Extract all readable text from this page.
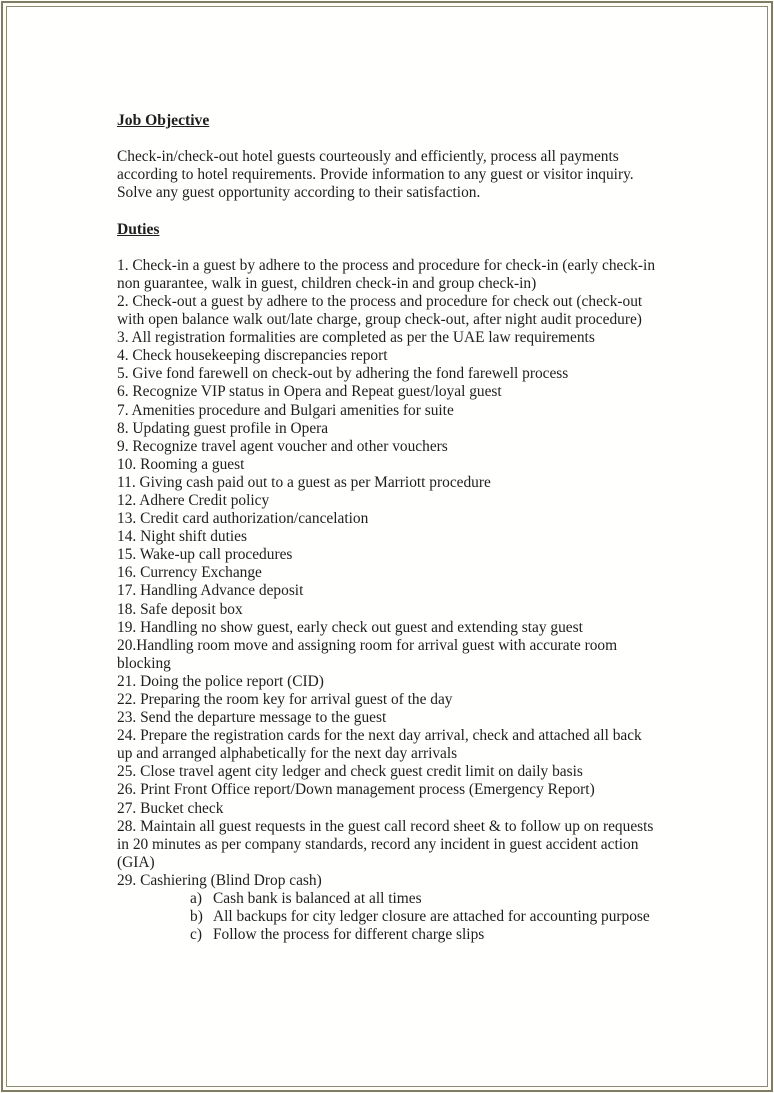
Job Objective
Check-in/check-out hotel guests courteously and efficiently, process all payments according to hotel requirements. Provide information to any guest or visitor inquiry. Solve any guest opportunity according to their satisfaction.
Duties
1. Check-in a guest by adhere to the process and procedure for check-in (early check-in non guarantee, walk in guest, children check-in and group check-in)
2. Check-out a guest by adhere to the process and procedure for check out (check-out with open balance walk out/late charge, group check-out, after night audit procedure)
3. All registration formalities are completed as per the UAE law requirements
4. Check housekeeping discrepancies report
5. Give fond farewell on check-out by adhering the fond farewell process
6. Recognize VIP status in Opera and Repeat guest/loyal guest
7. Amenities procedure and Bulgari amenities for suite
8. Updating guest profile in Opera
9. Recognize travel agent voucher and other vouchers
10. Rooming a guest
11. Giving cash paid out to a guest as per Marriott procedure
12. Adhere Credit policy
13. Credit card authorization/cancelation
14. Night shift duties
15. Wake-up call procedures
16. Currency Exchange
17. Handling Advance deposit
18. Safe deposit box
19. Handling no show guest, early check out guest and extending stay guest
20.Handling room move and assigning room for arrival guest with accurate room blocking
21. Doing the police report (CID)
22. Preparing the room key for arrival guest of the day
23. Send the departure message to the guest
24. Prepare the registration cards for the next day arrival, check and attached all back up and arranged alphabetically for the next day arrivals
25. Close travel agent city ledger and check guest credit limit on daily basis
26. Print Front Office report/Down management process (Emergency Report)
27. Bucket check
28. Maintain all guest requests in the guest call record sheet & to follow up on requests in 20 minutes as per company standards, record any incident in guest accident action (GIA)
29. Cashiering (Blind Drop cash)
a) Cash bank is balanced at all times
b) All backups for city ledger closure are attached for accounting purpose
c) Follow the process for different charge slips
